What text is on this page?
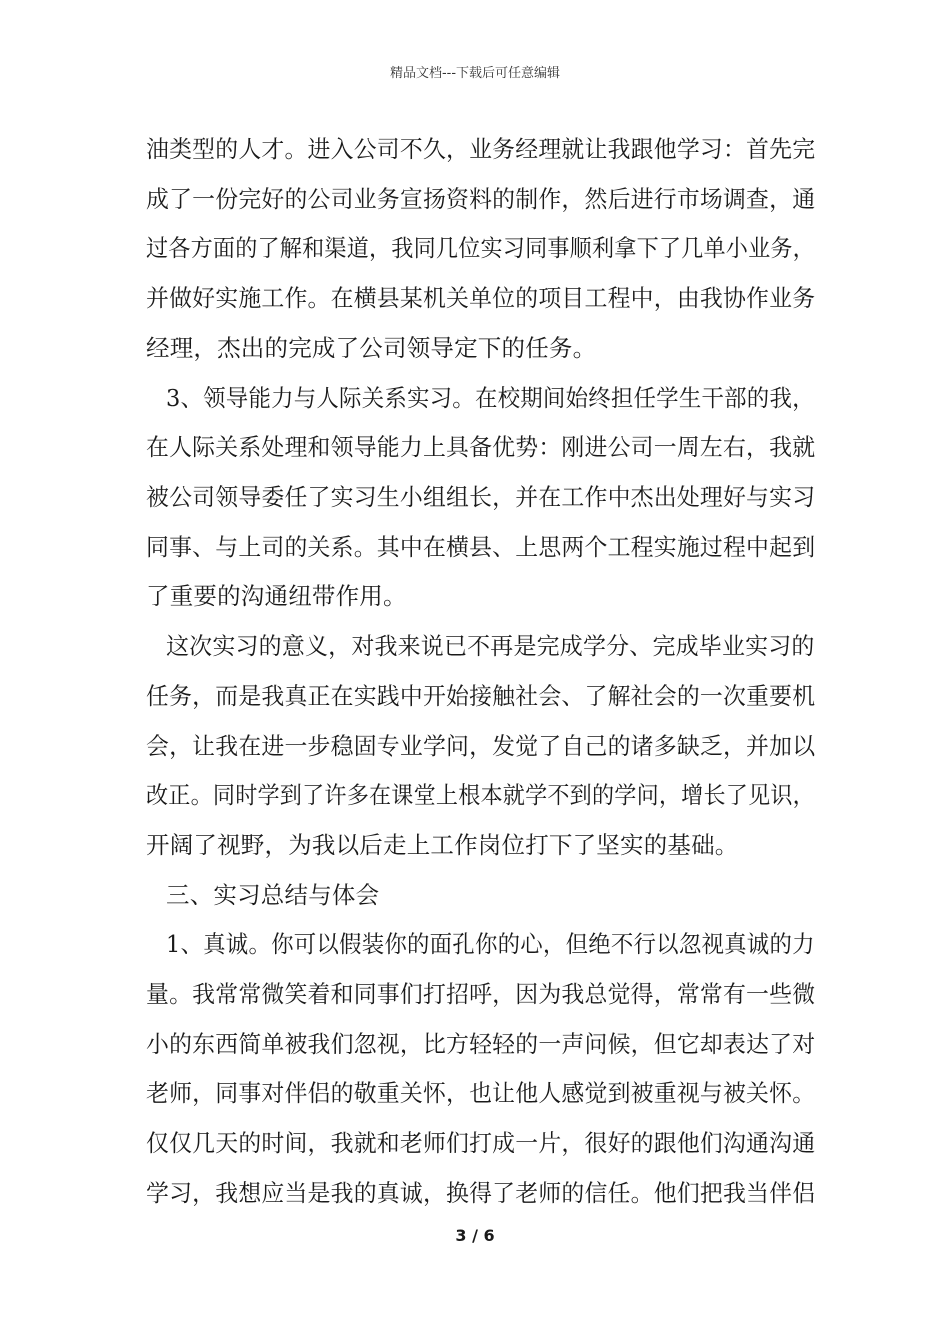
精品文档---下载后可任意编辑
油类型的人才。进入公司不久，业务经理就让我跟他学习：首先完
成了一份完好的公司业务宣扬资料的制作，然后进行市场调查，通
过各方面的了解和渠道，我同几位实习同事顺利拿下了几单小业务，
并做好实施工作。在横县某机关单位的项目工程中，由我协作业务
经理，杰出的完成了公司领导定下的任务。
3、领导能力与人际关系实习。在校期间始终担任学生干部的我，
在人际关系处理和领导能力上具备优势：刚进公司一周左右，我就
被公司领导委任了实习生小组组长，并在工作中杰出处理好与实习
同事、与上司的关系。其中在横县、上思两个工程实施过程中起到
了重要的沟通纽带作用。
这次实习的意义，对我来说已不再是完成学分、完成毕业实习的
任务，而是我真正在实践中开始接触社会、了解社会的一次重要机
会，让我在进一步稳固专业学问，发觉了自己的诸多缺乏，并加以
改正。同时学到了许多在课堂上根本就学不到的学问，增长了见识，
开阔了视野，为我以后走上工作岗位打下了坚实的基础。
三、实习总结与体会
1、真诚。你可以假装你的面孔你的心，但绝不行以忽视真诚的力
量。我常常微笑着和同事们打招呼，因为我总觉得，常常有一些微
小的东西简单被我们忽视，比方轻轻的一声问候，但它却表达了对
老师，同事对伴侣的敬重关怀，也让他人感觉到被重视与被关怀。
仅仅几天的时间，我就和老师们打成一片，很好的跟他们沟通沟通
学习，我想应当是我的真诚，换得了老师的信任。他们把我当伴侣
3 / 6
